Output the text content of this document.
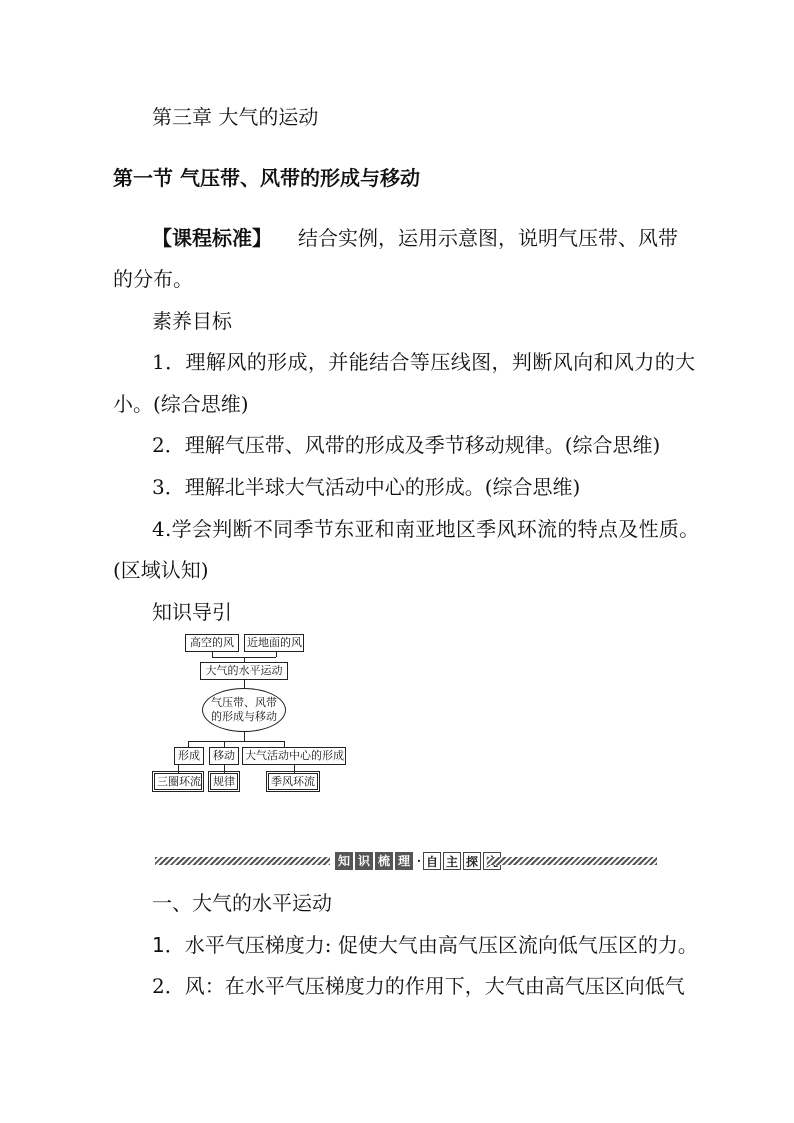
第三章 大气的运动
第一节 气压带、风带的形成与移动
【课程标准】 结合实例，运用示意图，说明气压带、风带
的分布。
素养目标
1．理解风的形成，并能结合等压线图，判断风向和风力的大
小。(综合思维)
2．理解气压带、风带的形成及季节移动规律。(综合思维)
3．理解北半球大气活动中心的形成。(综合思维)
4.学会判断不同季节东亚和南亚地区季风环流的特点及性质。
(区域认知)
知识导引
高空的风	近地面的风
大气的水平运动
气压带、风带
的形成与移动
形成	移动 大气活动中心的形成
三圈环流 规律	季风环流
知 识 梳 理 · 自 主 探
一、大气的水平运动
1．水平气压梯度力: 促使大气由高气压区流向低气压区的力。
2．风：在水平气压梯度力的作用下，大气由高气压区向低气
